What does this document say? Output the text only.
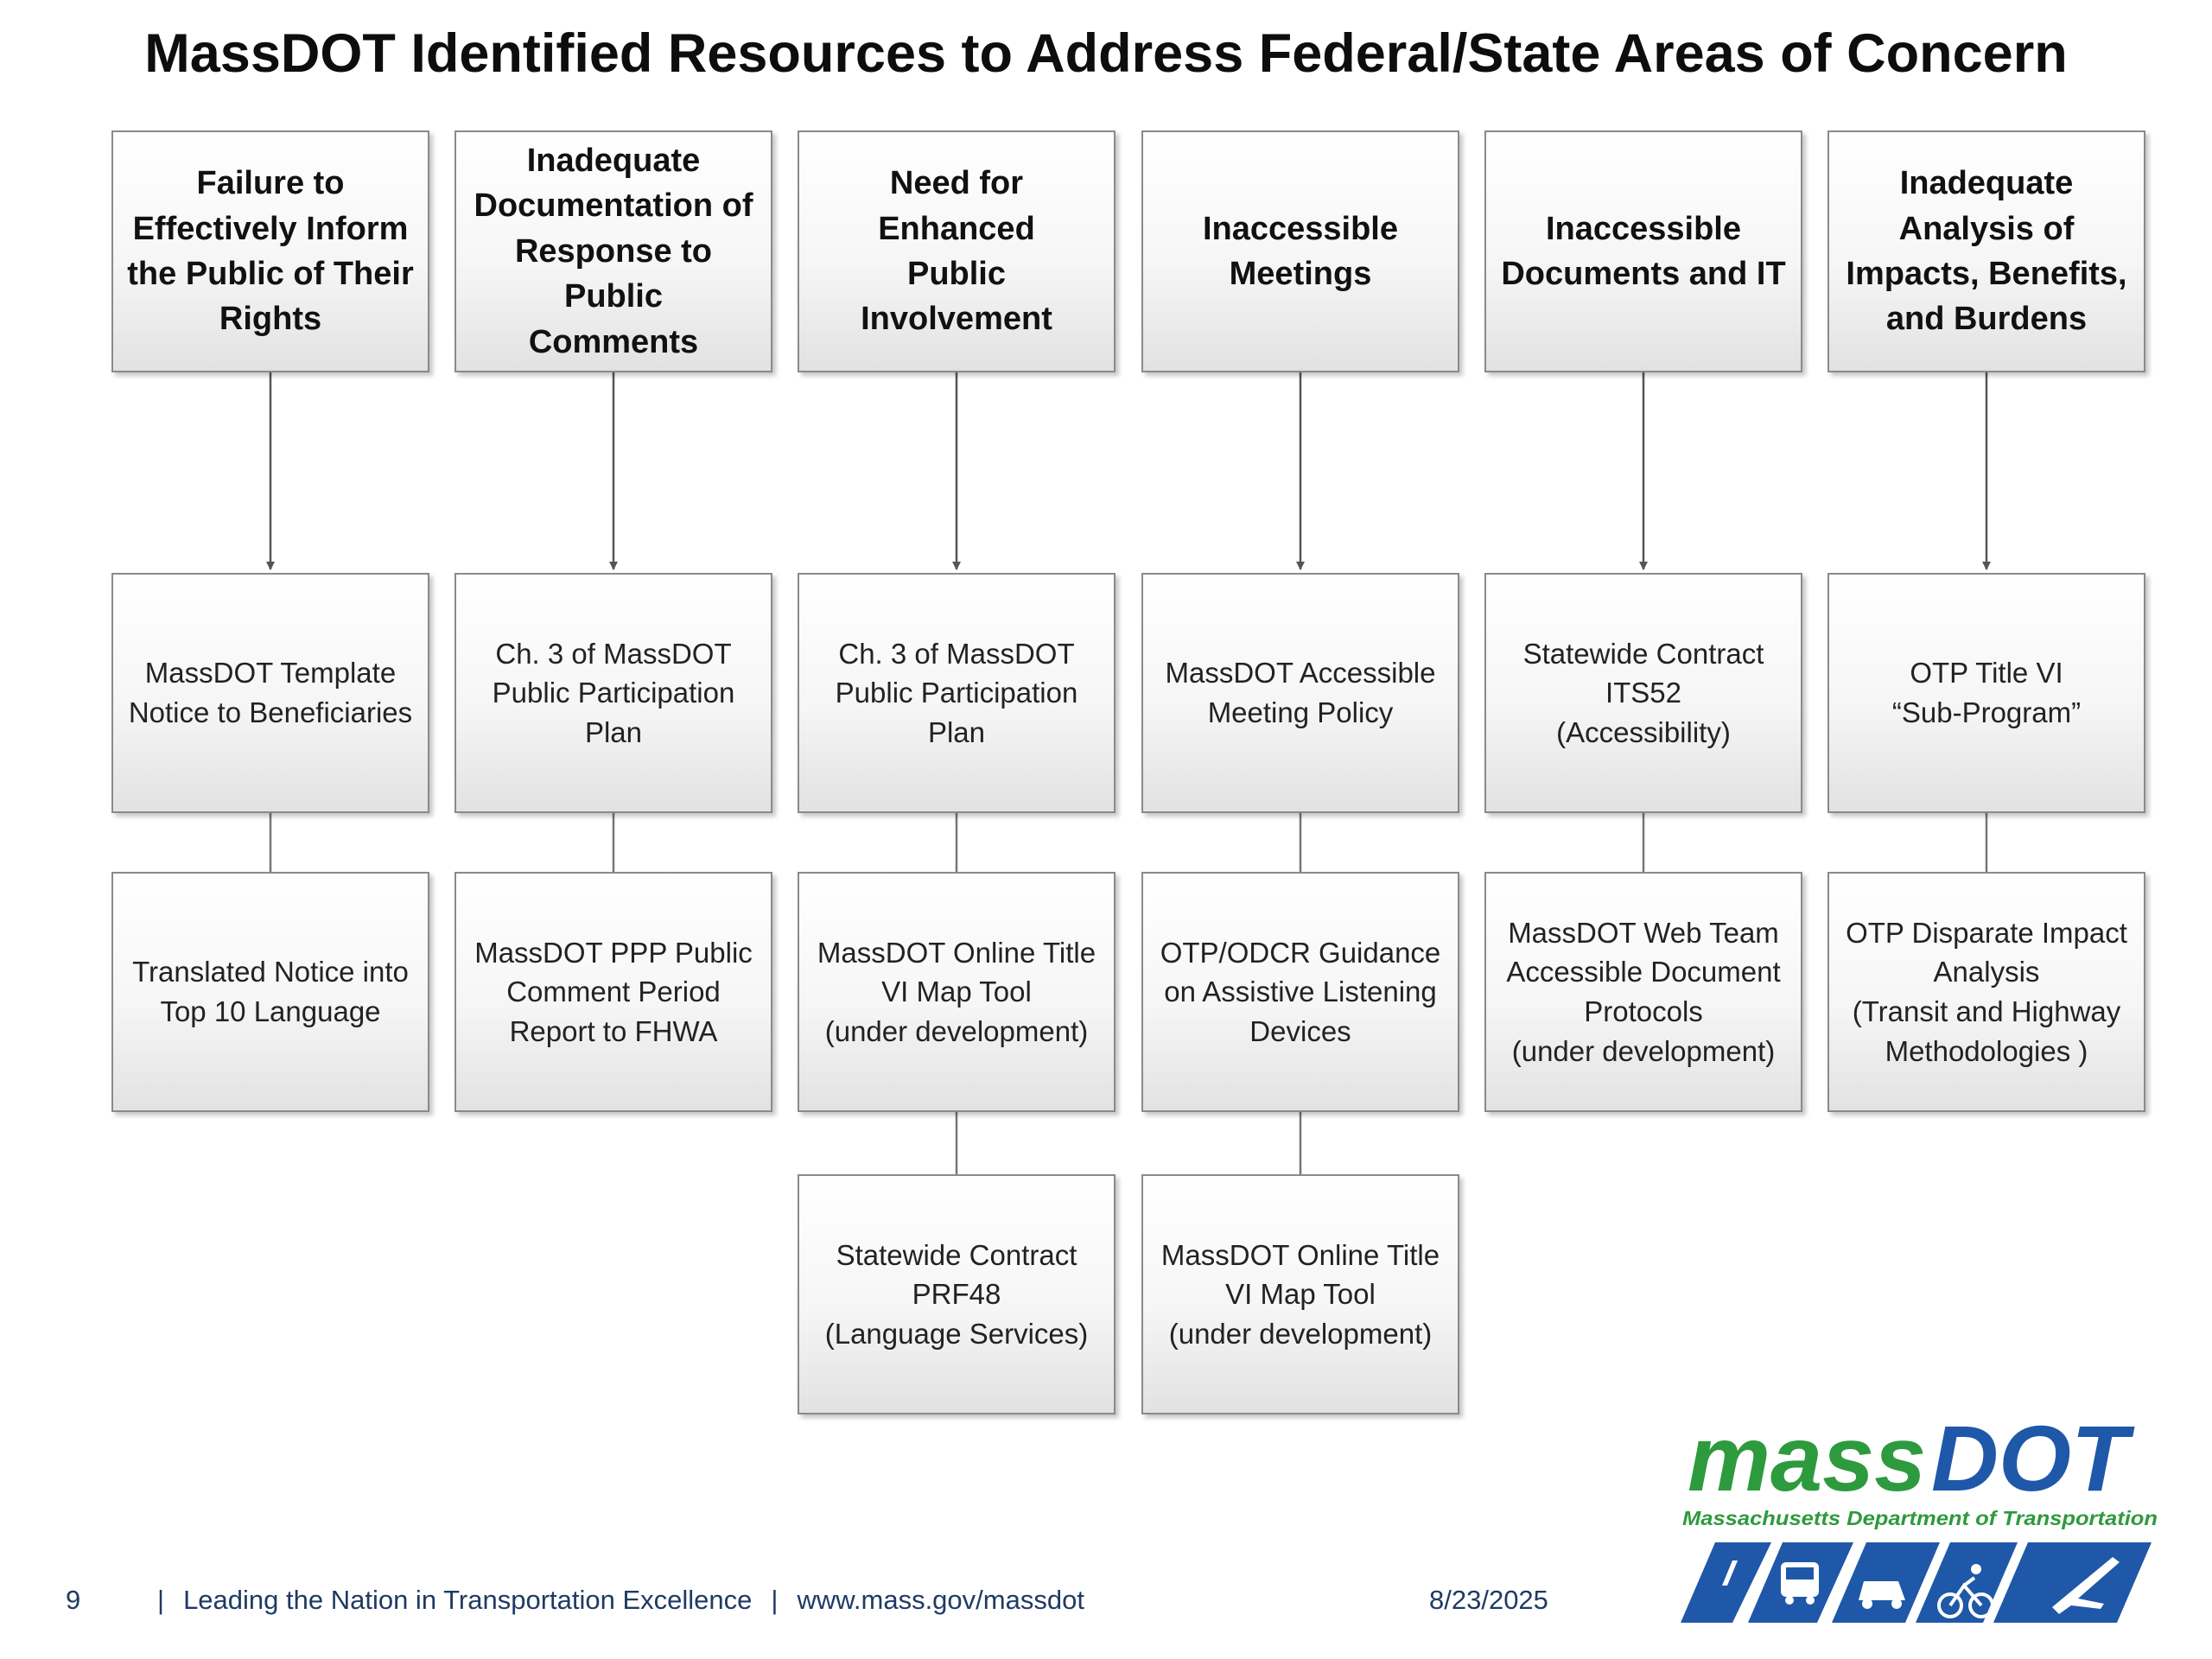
MassDOT Identified Resources to Address Federal/State Areas of Concern
Failure to
Effectively Inform
the Public of Their
Rights
MassDOT Template
Notice to Beneficiaries
Translated Notice into
Top 10 Language
Inadequate
Documentation of
Response to Public
Comments
Ch. 3 of MassDOT
Public Participation
Plan
MassDOT PPP Public
Comment Period
Report to FHWA
Need for Enhanced
Public Involvement
Ch. 3 of MassDOT
Public Participation
Plan
MassDOT Online Title
VI Map Tool
(under development)
Statewide Contract
PRF48
(Language Services)
Inaccessible
Meetings
MassDOT Accessible
Meeting Policy
OTP/ODCR Guidance
on Assistive Listening
Devices
MassDOT Online Title
VI Map Tool
(under development)
Inaccessible
Documents and IT
Statewide Contract
ITS52
(Accessibility)
MassDOT Web Team
Accessible Document
Protocols
(under development)
Inadequate
Analysis of
Impacts, Benefits,
and Burdens
OTP Title VI
“Sub-Program”
OTP Disparate Impact
Analysis
(Transit and Highway
Methodologies )
9	| Leading the Nation in Transportation Excellence | www.mass.gov/massdot	8/23/2025
mass DOT
Massachusetts Department of Transportation
